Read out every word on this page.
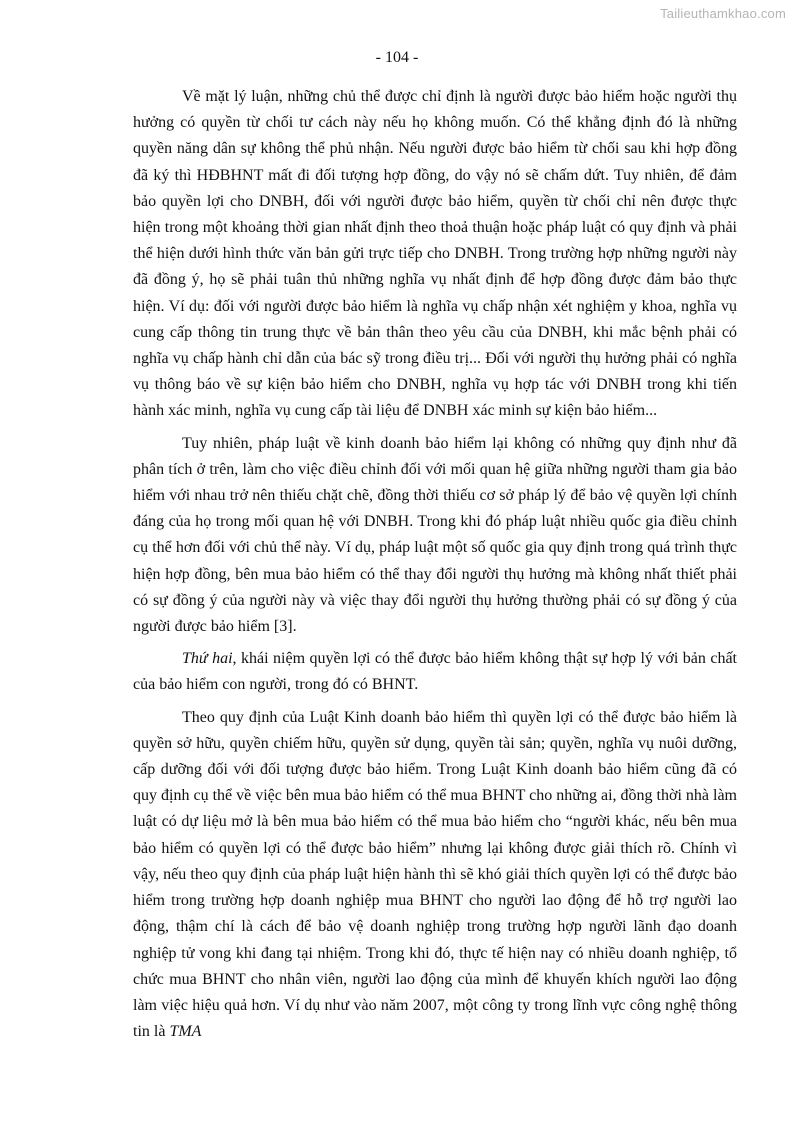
Tailieuthamkhao.com
- 104 -

Về mặt lý luận, những chủ thể được chỉ định là người được bảo hiểm hoặc người thụ hưởng có quyền từ chối tư cách này nếu họ không muốn. Có thể khẳng định đó là những quyền năng dân sự không thể phủ nhận. Nếu người được bảo hiểm từ chối sau khi hợp đồng đã ký thì HĐBHNT mất đi đối tượng hợp đồng, do vậy nó sẽ chấm dứt. Tuy nhiên, để đảm bảo quyền lợi cho DNBH, đối với người được bảo hiểm, quyền từ chối chỉ nên được thực hiện trong một khoảng thời gian nhất định theo thoả thuận hoặc pháp luật có quy định và phải thể hiện dưới hình thức văn bản gửi trực tiếp cho DNBH. Trong trường hợp những người này đã đồng ý, họ sẽ phải tuân thủ những nghĩa vụ nhất định để hợp đồng được đảm bảo thực hiện. Ví dụ: đối với người được bảo hiểm là nghĩa vụ chấp nhận xét nghiệm y khoa, nghĩa vụ cung cấp thông tin trung thực về bản thân theo yêu cầu của DNBH, khi mắc bệnh phải có nghĩa vụ chấp hành chỉ dẫn của bác sỹ trong điều trị... Đối với người thụ hưởng phải có nghĩa vụ thông báo về sự kiện bảo hiểm cho DNBH, nghĩa vụ hợp tác với DNBH trong khi tiến hành xác minh, nghĩa vụ cung cấp tài liệu để DNBH xác minh sự kiện bảo hiểm...

Tuy nhiên, pháp luật về kinh doanh bảo hiểm lại không có những quy định như đã phân tích ở trên, làm cho việc điều chỉnh đối với mối quan hệ giữa những người tham gia bảo hiểm với nhau trở nên thiếu chặt chẽ, đồng thời thiếu cơ sở pháp lý để bảo vệ quyền lợi chính đáng của họ trong mối quan hệ với DNBH. Trong khi đó pháp luật nhiều quốc gia điều chỉnh cụ thể hơn đối với chủ thể này. Ví dụ, pháp luật một số quốc gia quy định trong quá trình thực hiện hợp đồng, bên mua bảo hiểm có thể thay đổi người thụ hưởng mà không nhất thiết phải có sự đồng ý của người này và việc thay đổi người thụ hưởng thường phải có sự đồng ý của người được bảo hiểm [3].

Thứ hai, khái niệm quyền lợi có thể được bảo hiểm không thật sự hợp lý với bản chất của bảo hiểm con người, trong đó có BHNT.

Theo quy định của Luật Kinh doanh bảo hiểm thì quyền lợi có thể được bảo hiểm là quyền sở hữu, quyền chiếm hữu, quyền sử dụng, quyền tài sản; quyền, nghĩa vụ nuôi dưỡng, cấp dưỡng đối với đối tượng được bảo hiểm. Trong Luật Kinh doanh bảo hiểm cũng đã có quy định cụ thể về việc bên mua bảo hiểm có thể mua BHNT cho những ai, đồng thời nhà làm luật có dự liệu mở là bên mua bảo hiểm có thể mua bảo hiểm cho “người khác, nếu bên mua bảo hiểm có quyền lợi có thể được bảo hiểm” nhưng lại không được giải thích rõ. Chính vì vậy, nếu theo quy định của pháp luật hiện hành thì sẽ khó giải thích quyền lợi có thể được bảo hiểm trong trường hợp doanh nghiệp mua BHNT cho người lao động để hỗ trợ người lao động, thậm chí là cách để bảo vệ doanh nghiệp trong trường hợp người lãnh đạo doanh nghiệp tử vong khi đang tại nhiệm. Trong khi đó, thực tế hiện nay có nhiều doanh nghiệp, tổ chức mua BHNT cho nhân viên, người lao động của mình để khuyến khích người lao động làm việc hiệu quả hơn. Ví dụ như vào năm 2007, một công ty trong lĩnh vực công nghệ thông tin là TMA
